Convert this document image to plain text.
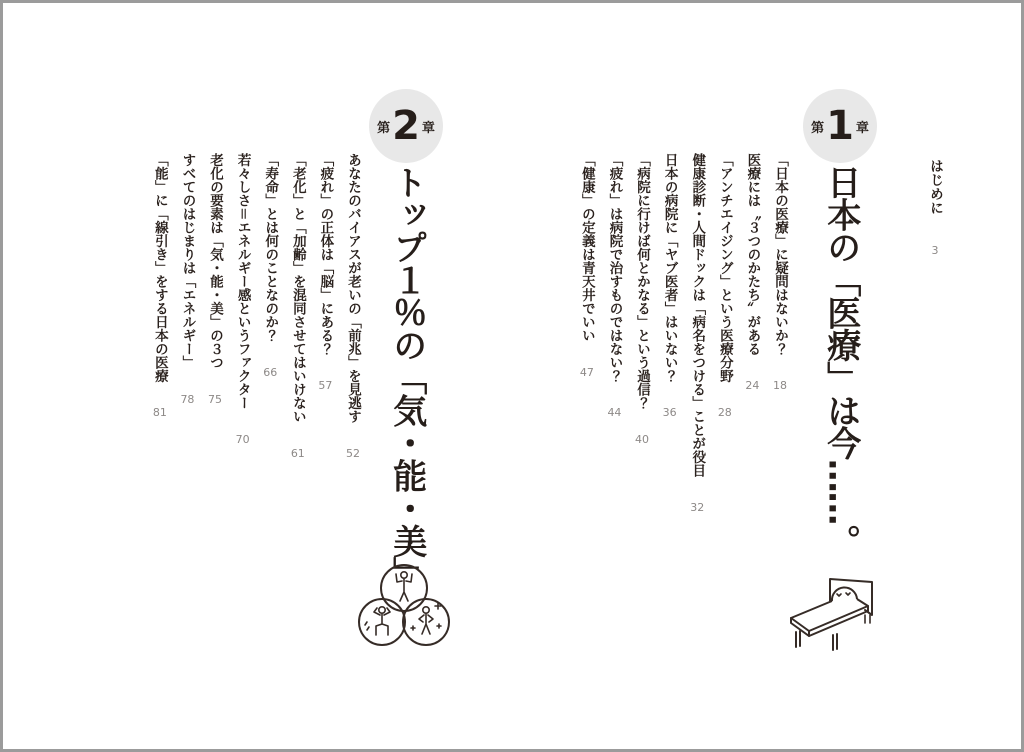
はじめに 3
第 1 章
日本の「医療」は今……。
「日本の医療」に疑問はないか？ 18
医療には〝３つのかたち〟がある 24
「アンチエイジング」という医療分野 28
健康診断・人間ドックは「病名をつける」ことが役目 32
日本の病院に「ヤブ医者」はいない？ 36
「病院に行けば何とかなる」という過信？ 40
「疲れ」は病院で治すものではない？ 44
「健康」の定義は青天井でいい 47
第 2 章
トップ１％の「気・能・美」
あなたのバイアスが老いの「前兆」を見逃す 52
「疲れ」の正体は「脳」にある？ 57
「老化」と「加齢」を混同させてはいけない 61
「寿命」とは何のことなのか？ 66
若々しさ＝エネルギー感というファクター 70
老化の要素は「気・能・美」の３つ 75
すべてのはじまりは「エネルギー」 78
「能」に「線引き」をする日本の医療 81
